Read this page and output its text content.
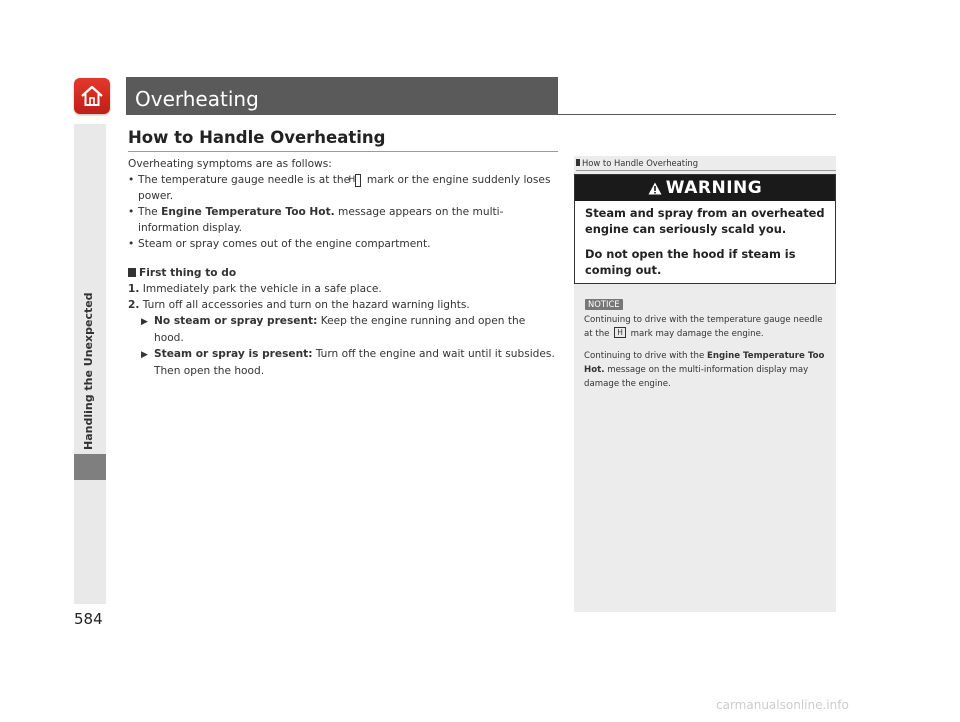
Handling the Unexpected
Overheating
How to Handle Overheating

Overheating symptoms are as follows:

• The temperature gauge needle is at the H mark or the engine suddenly loses power.

• The Engine Temperature Too Hot. message appears on the multi-information display.

• Steam or spray comes out of the engine compartment.

First thing to do

1. Immediately park the vehicle in a safe place.

2. Turn off all accessories and turn on the hazard warning lights.

▶ No steam or spray present: Keep the engine running and open the hood.

▶ Steam or spray is present: Turn off the engine and wait until it subsides. Then open the hood.

How to Handle Overheating
WARNING

Steam and spray from an overheated engine can seriously scald you.

Do not open the hood if steam is coming out.

NOTICE

Continuing to drive with the temperature gauge needle at the H mark may damage the engine.

Continuing to drive with the Engine Temperature Too Hot. message on the multi-information display may damage the engine.

584
carmanualsonline.info
